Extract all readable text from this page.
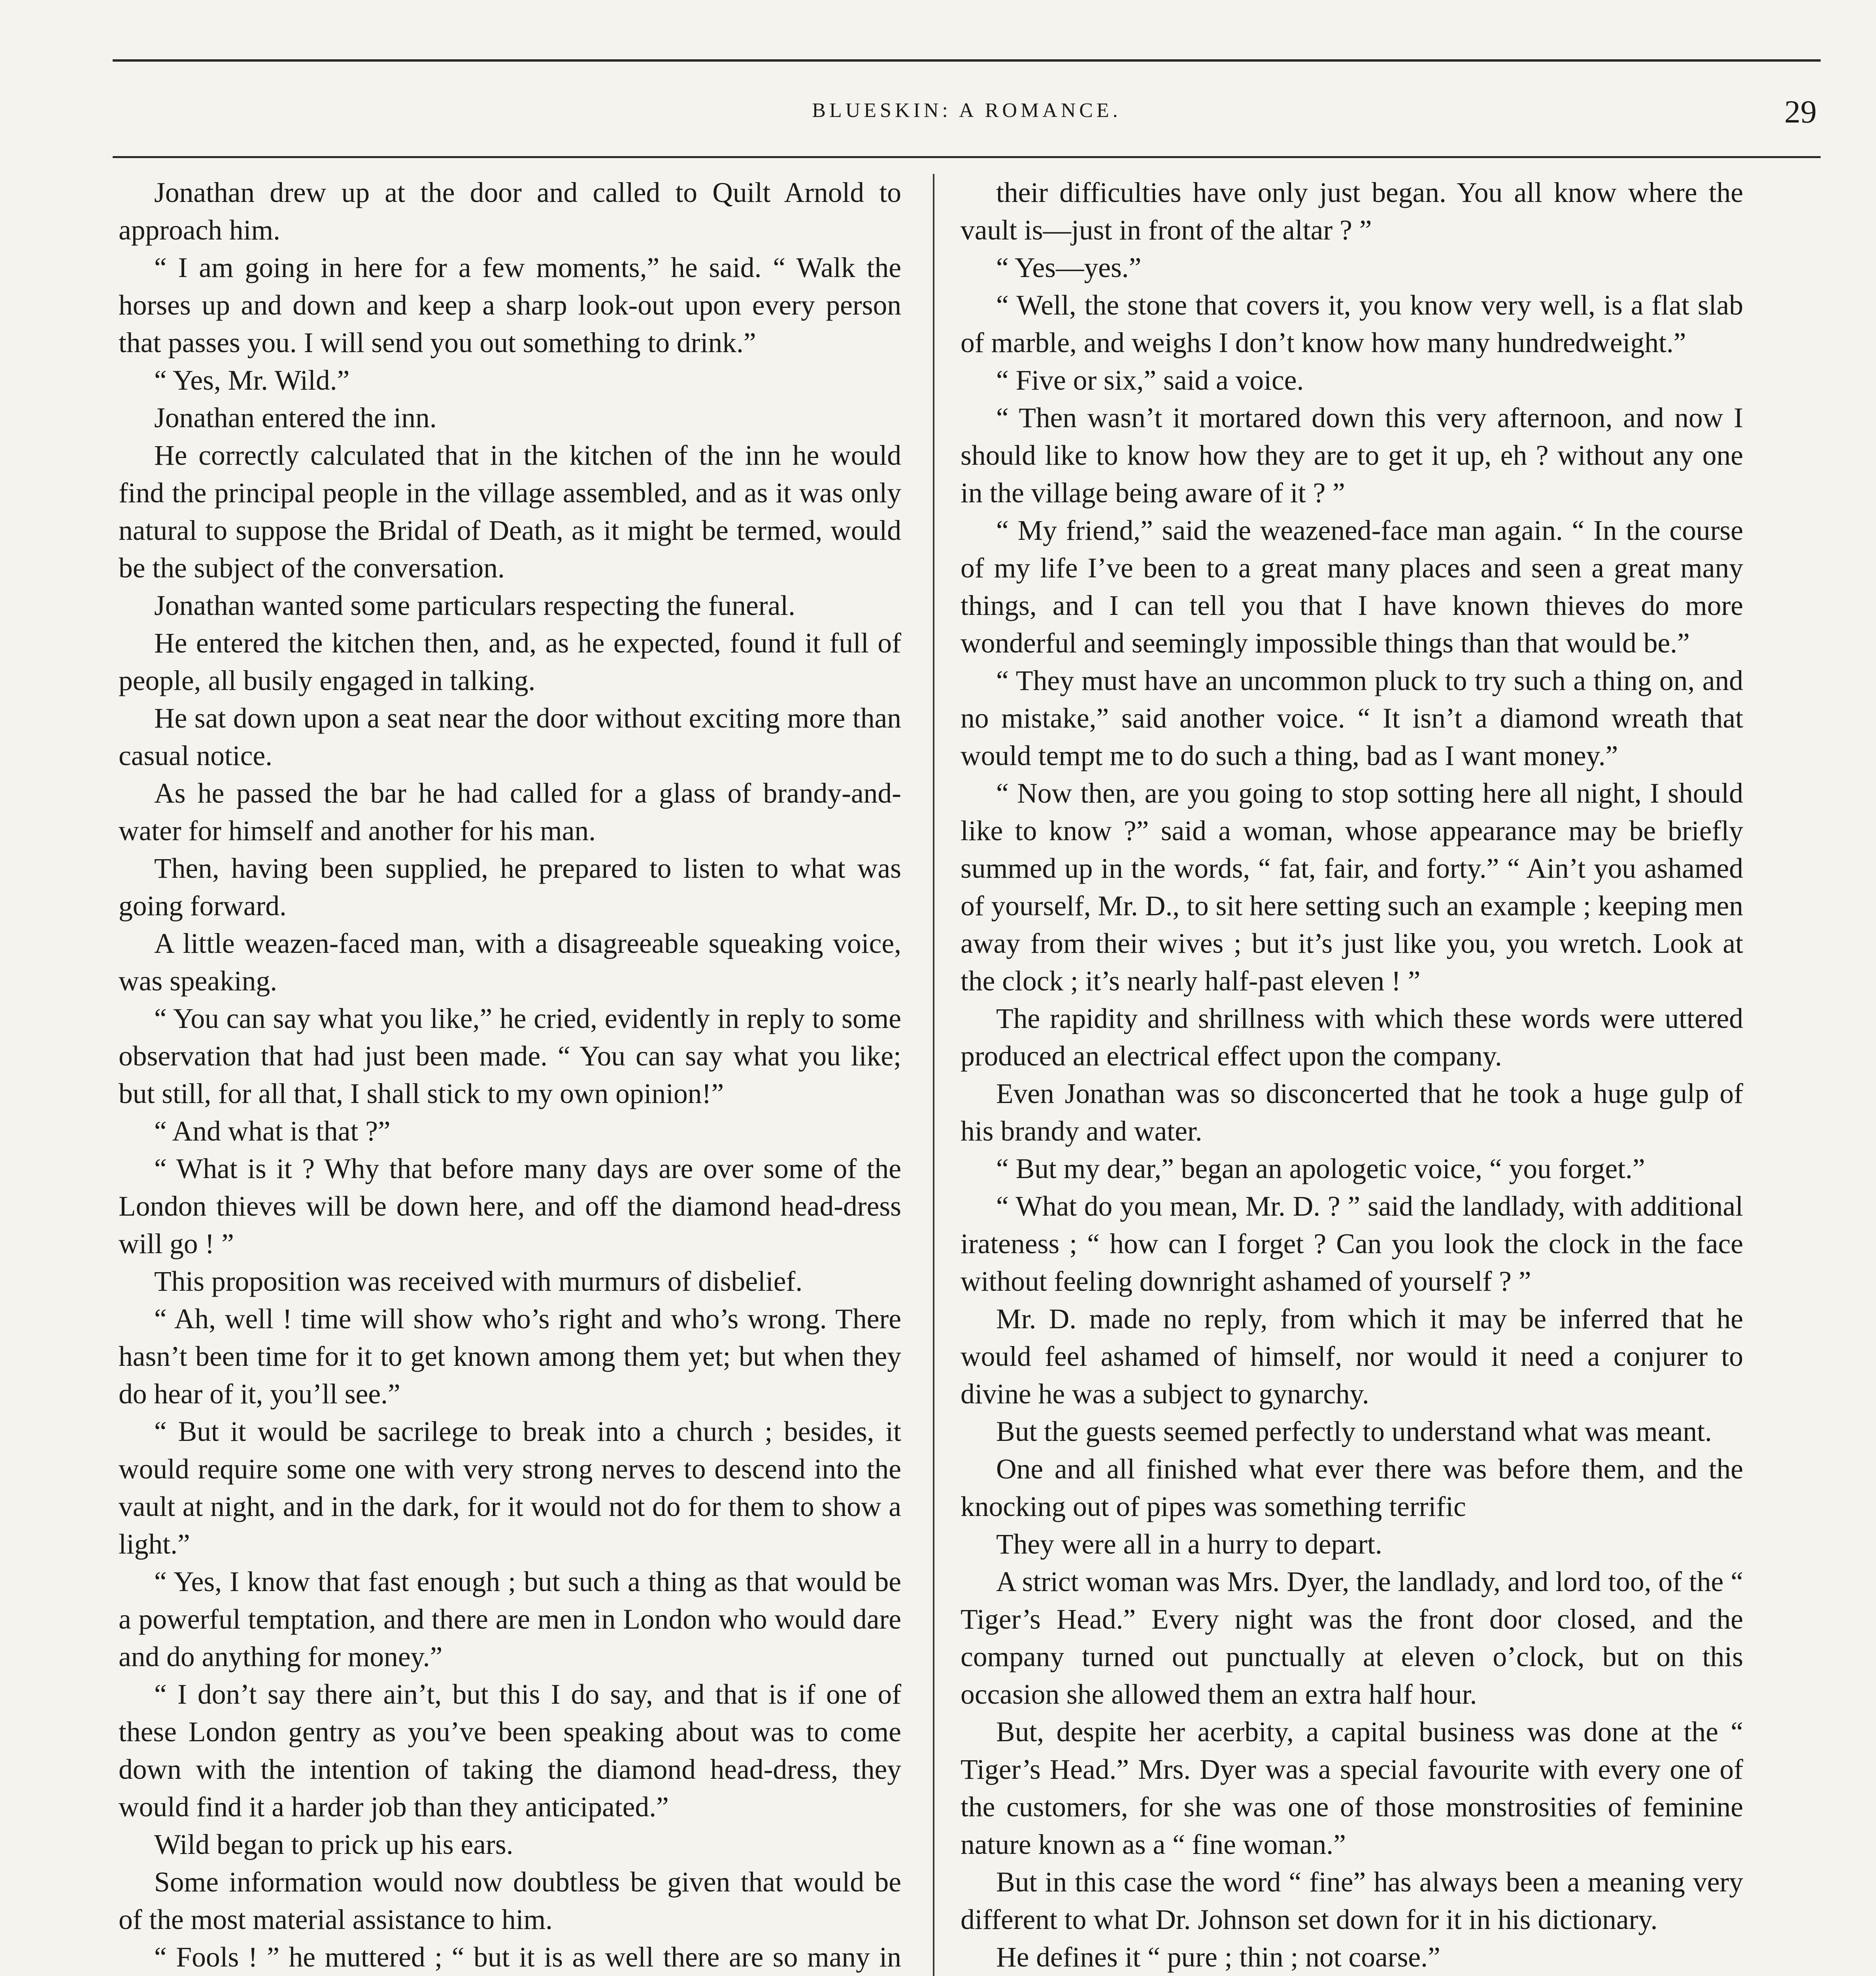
BLUESKIN: A ROMANCE.	29

Jonathan drew up at the door and called to Quilt Arnold to approach him.

“ I am going in here for a few moments,” he said. “ Walk the horses up and down and keep a sharp look-out upon every person that passes you. I will send you out something to drink.”

“ Yes, Mr. Wild.”

Jonathan entered the inn.

He correctly calculated that in the kitchen of the inn he would find the principal people in the village assembled, and as it was only natural to suppose the Bridal of Death, as it might be termed, would be the subject of the conversation.

Jonathan wanted some particulars respecting the funeral.

He entered the kitchen then, and, as he expected, found it full of people, all busily engaged in talking.

He sat down upon a seat near the door without exciting more than casual notice.

As he passed the bar he had called for a glass of brandy-and-water for himself and another for his man.

Then, having been supplied, he prepared to listen to what was going forward.

A little weazen-faced man, with a disagreeable squeaking voice, was speaking.

“ You can say what you like,” he cried, evidently in reply to some observation that had just been made. “ You can say what you like; but still, for all that, I shall stick to my own opinion!”

“ And what is that ?”

“ What is it ? Why that before many days are over some of the London thieves will be down here, and off the diamond head-dress will go ! ”

This proposition was received with murmurs of disbelief.

“ Ah, well ! time will show who’s right and who’s wrong. There hasn’t been time for it to get known among them yet; but when they do hear of it, you’ll see.”

“ But it would be sacrilege to break into a church ; besides, it would require some one with very strong nerves to descend into the vault at night, and in the dark, for it would not do for them to show a light.”

“ Yes, I know that fast enough ; but such a thing as that would be a powerful temptation, and there are men in London who would dare and do anything for money.”

“ I don’t say there ain’t, but this I do say, and that is if one of these London gentry as you’ve been speaking about was to come down with the intention of taking the diamond head-dress, they would find it a harder job than they anticipated.”

Wild began to prick up his ears.

Some information would now doubtless be given that would be of the most material assistance to him.

“ Fools ! ” he muttered ; “ but it is as well there are so many in

their difficulties have only just began. You all know where the vault is—just in front of the altar ? ”

“ Yes—yes.”

“ Well, the stone that covers it, you know very well, is a flat slab of marble, and weighs I don’t know how many hundredweight.”

“ Five or six,” said a voice.

“ Then wasn’t it mortared down this very afternoon, and now I should like to know how they are to get it up, eh ? without any one in the village being aware of it ? ”

“ My friend,” said the weazened-face man again. “ In the course of my life I’ve been to a great many places and seen a great many things, and I can tell you that I have known thieves do more wonderful and seemingly impossible things than that would be.”

“ They must have an uncommon pluck to try such a thing on, and no mistake,” said another voice. “ It isn’t a diamond wreath that would tempt me to do such a thing, bad as I want money.”

“ Now then, are you going to stop sotting here all night, I should like to know ?” said a woman, whose appearance may be briefly summed up in the words, “ fat, fair, and forty.” “ Ain’t you ashamed of yourself, Mr. D., to sit here setting such an example ; keeping men away from their wives ; but it’s just like you, you wretch. Look at the clock ; it’s nearly half-past eleven ! ”

The rapidity and shrillness with which these words were uttered produced an electrical effect upon the company.

Even Jonathan was so disconcerted that he took a huge gulp of his brandy and water.

“ But my dear,” began an apologetic voice, “ you forget.”

“ What do you mean, Mr. D. ? ” said the landlady, with additional irateness ; “ how can I forget ? Can you look the clock in the face without feeling downright ashamed of yourself ? ”

Mr. D. made no reply, from which it may be inferred that he would feel ashamed of himself, nor would it need a conjurer to divine he was a subject to gynarchy.

But the guests seemed perfectly to understand what was meant.

One and all finished what ever there was before them, and the knocking out of pipes was something terrific

They were all in a hurry to depart.

A strict woman was Mrs. Dyer, the landlady, and lord too, of the “ Tiger’s Head.” Every night was the front door closed, and the company turned out punctually at eleven o’clock, but on this occasion she allowed them an extra half hour.

But, despite her acerbity, a capital business was done at the “ Tiger’s Head.” Mrs. Dyer was a special favourite with every one of the customers, for she was one of those monstrosities of feminine nature known as a “ fine woman.”

But in this case the word “ fine” has always been a meaning very different to what Dr. Johnson set down for it in his dictionary.

He defines it “ pure ; thin ; not coarse.”
